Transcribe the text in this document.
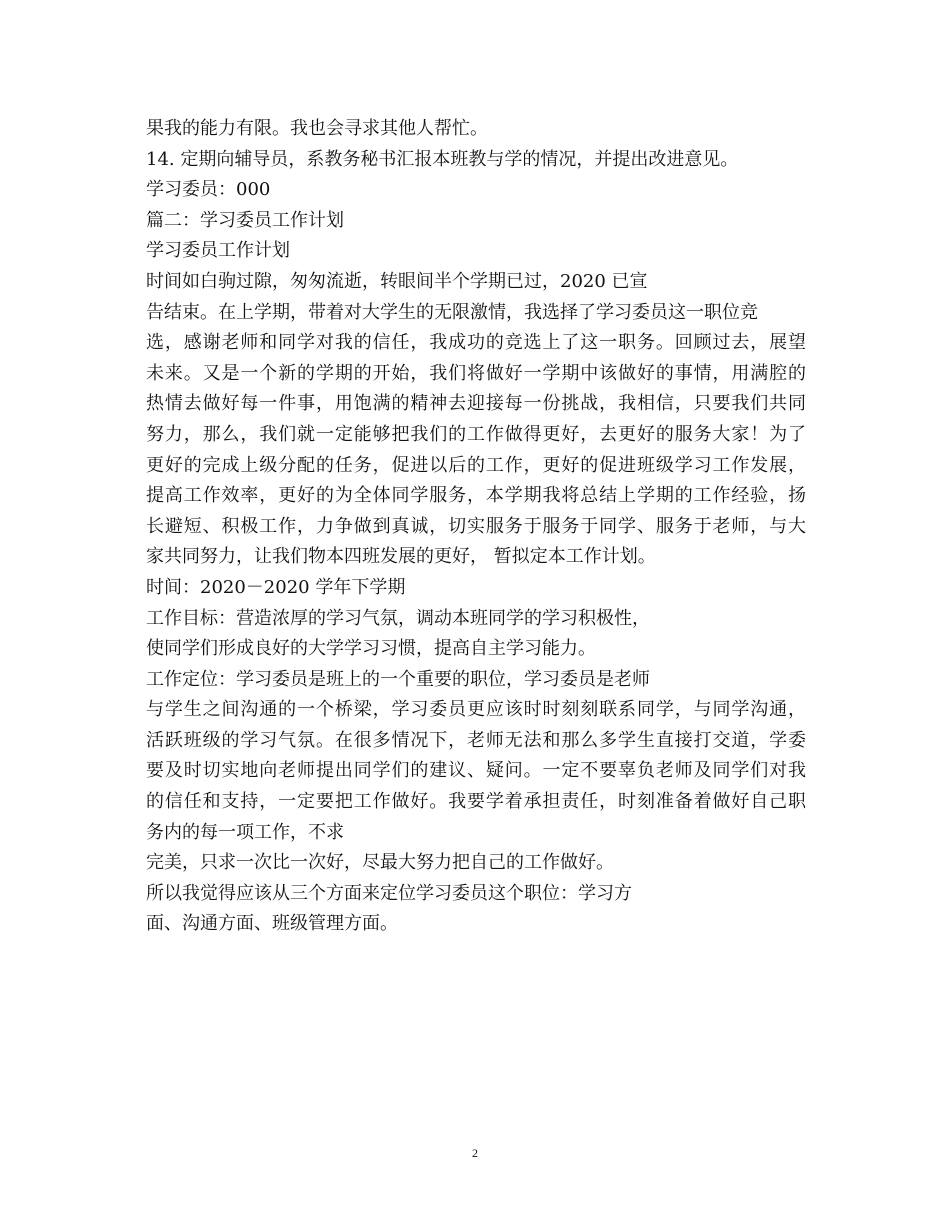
果我的能力有限。我也会寻求其他人帮忙。

14. 定期向辅导员，系教务秘书汇报本班教与学的情况，并提出改进意见。

学习委员：000

篇二：学习委员工作计划

学习委员工作计划

时间如白驹过隙，匆匆流逝，转眼间半个学期已过，2020 已宣

告结束。在上学期，带着对大学生的无限激情，我选择了学习委员这一职位竞

选，感谢老师和同学对我的信任，我成功的竞选上了这一职务。回顾过去，展望

未来。又是一个新的学期的开始，我们将做好一学期中该做好的事情，用满腔的

热情去做好每一件事，用饱满的精神去迎接每一份挑战，我相信，只要我们共同

努力，那么，我们就一定能够把我们的工作做得更好，去更好的服务大家！为了

更好的完成上级分配的任务，促进以后的工作，更好的促进班级学习工作发展，

提高工作效率，更好的为全体同学服务，本学期我将总结上学期的工作经验，扬

长避短、积极工作，力争做到真诚，切实服务于服务于同学、服务于老师，与大

家共同努力，让我们物本四班发展的更好， 暂拟定本工作计划。

时间：2020－2020 学年下学期

工作目标：营造浓厚的学习气氛，调动本班同学的学习积极性，

使同学们形成良好的大学学习习惯，提高自主学习能力。

工作定位：学习委员是班上的一个重要的职位，学习委员是老师

与学生之间沟通的一个桥梁，学习委员更应该时时刻刻联系同学，与同学沟通，

活跃班级的学习气氛。在很多情况下，老师无法和那么多学生直接打交道，学委

要及时切实地向老师提出同学们的建议、疑问。一定不要辜负老师及同学们对我

的信任和支持，一定要把工作做好。我要学着承担责任，时刻准备着做好自己职

务内的每一项工作，不求

完美，只求一次比一次好，尽最大努力把自己的工作做好。

所以我觉得应该从三个方面来定位学习委员这个职位：学习方

面、沟通方面、班级管理方面。

2
